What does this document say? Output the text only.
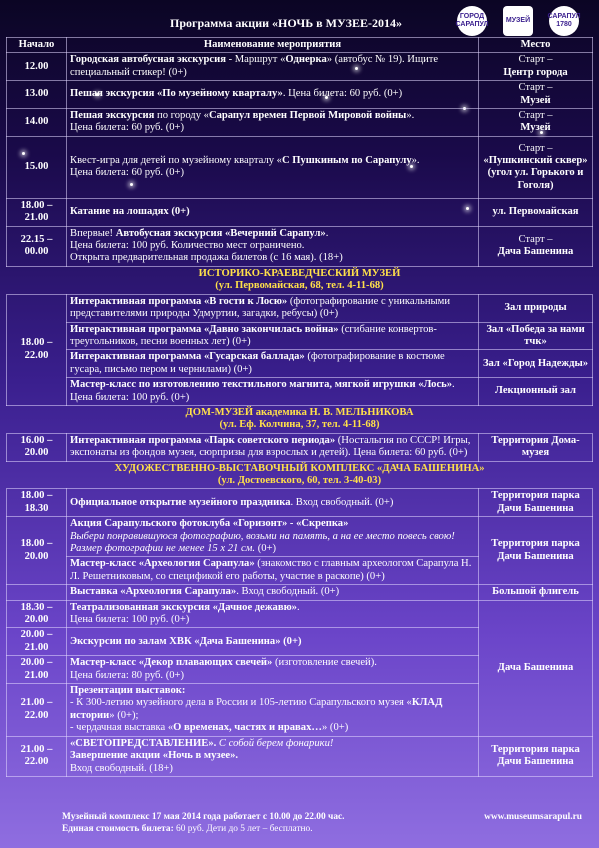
Программа акции «НОЧЬ в МУЗЕЕ-2014»	ГОРОД САРАПУЛ
МУЗЕЙ
САРАПУЛ 1780
Начало	Наименование мероприятия	Место
12.00	Городская автобусная экскурсия - Маршрут «Однерка» (автобус № 19). Ищите специальный стикер! (0+)	Старт –
Центр города
13.00	Пешая экскурсия «По музейному кварталу». Цена билета: 60 руб. (0+)	Старт –
Музей
14.00	Пешая экскурсия по городу «Сарапул времен Первой Мировой войны».
Цена билета: 60 руб. (0+)	Старт –
Музей
15.00	Квест-игра для детей по музейному кварталу «С Пушкиным по Сарапулу».
Цена билета: 60 руб. (0+)	Старт –
«Пушкинский сквер» (угол ул. Горького и Гоголя)
18.00 – 21.00	Катание на лошадях (0+)	ул. Первомайская
22.15 – 00.00	Впервые! Автобусная экскурсия «Вечерний Сарапул».
Цена билета: 100 руб. Количество мест ограничено.
Открыта предварительная продажа билетов (с 16 мая). (18+)	Старт –
Дача Башенина
ИСТОРИКО-КРАЕВЕДЧЕСКИЙ МУЗЕЙ
(ул. Первомайская, 68, тел. 4-11-68)		
18.00 – 22.00	Интерактивная программа «В гости к Лосю» (фотографирование с уникальными представителями природы Удмуртии, загадки, ребусы) (0+)	Зал природы
	Интерактивная программа «Давно закончилась война» (сгибание конвертов-треугольников, песни военных лет) (0+)	Зал «Победа за нами тчк»
	Интерактивная программа «Гусарская баллада» (фотографирование в костюме гусара, письмо пером и чернилами) (0+)	Зал «Город Надежды»
	Мастер-класс по изготовлению текстильного магнита, мягкой игрушки «Лось». Цена билета: 100 руб. (0+)	Лекционный зал
ДОМ-МУЗЕЙ академика Н. В. МЕЛЬНИКОВА
(ул. Еф. Колчина, 37, тел. 4-11-68)		
16.00 – 20.00	Интерактивная программа «Парк советского периода» (Ностальгия по СССР! Игры, экспонаты из фондов музея, сюрпризы для взрослых и детей). Цена билета: 60 руб. (0+)	Территория Дома-музея
ХУДОЖЕСТВЕННО-ВЫСТАВОЧНЫЙ КОМПЛЕКС «ДАЧА БАШЕНИНА»
(ул. Достоевского, 60, тел. 3-40-03)		
18.00 – 18.30	Официальное открытие музейного праздника. Вход свободный. (0+)	Территория парка Дачи Башенина
18.00 – 20.00	Акция Сарапульского фотоклуба «Горизонт» - «Скрепка»
Выбери понравившуюся фотографию, возьми на память, а на ее место повесь свою! Размер фотографии не менее 15 х 21 см. (0+)	Территория парка Дачи Башенина
	Мастер-класс «Археология Сарапула» (знакомство с главным археологом Сарапула Н. Л. Решетниковым, со спецификой его работы, участие в раскопе) (0+)	
	Выставка «Археология Сарапула». Вход свободный. (0+)	Большой флигель
18.30 – 20.00	Театрализованная экскурсия «Дачное дежавю».
Цена билета: 100 руб. (0+)	Дача Башенина
20.00 – 21.00	Экскурсии по залам ХВК «Дача Башенина» (0+)	
20.00 – 21.00	Мастер-класс «Декор плавающих свечей» (изготовление свечей).
Цена билета: 80 руб. (0+)	
21.00 – 22.00	Презентации выставок:
- К 300-летию музейного дела в России и 105-летию Сарапульского музея «КЛАД истории» (0+);
- чердачная выставка «О временах, частях и нравах…» (0+)	
21.00 – 22.00	«СВЕТОПРЕДСТАВЛЕНИЕ». С собой берем фонарики!
Завершение акции «Ночь в музее».
Вход свободный. (18+)	Территория парка Дачи Башенина
Музейный комплекс 17 мая 2014 года работает с 10.00 до 22.00 час.
Единая стоимость билета: 60 руб. Дети до 5 лет – бесплатно.
www.museumsarapul.ru
